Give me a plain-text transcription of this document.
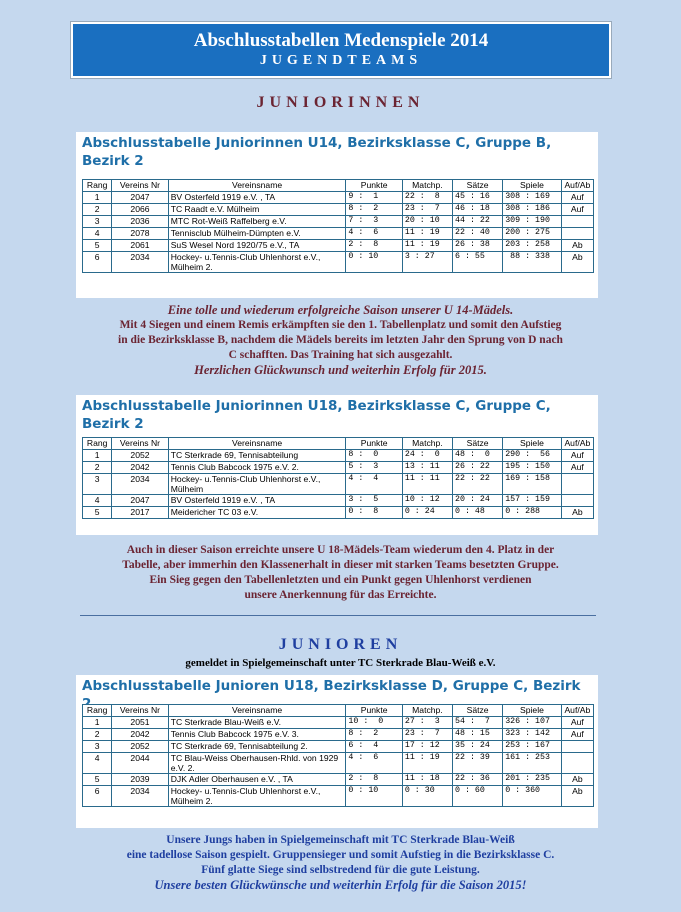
Abschlusstabellen Medenspiele 2014
JUGENDTEAMS
JUNIORINNEN
Abschlusstabelle Juniorinnen U14, Bezirksklasse C, Gruppe B, Bezirk 2
Rang	Vereins Nr	Vereinsname	Punkte	Matchp.	Sätze	Spiele	Auf/Ab
1	2047	BV Osterfeld 1919 e.V. , TA	9 :  1	22 :  8	45 : 16	308 : 169	Auf
2	2066	TC Raadt e.V. Mülheim	8 :  2	23 :  7	46 : 18	308 : 186	Auf
3	2036	MTC Rot-Weiß Raffelberg e.V.	7 :  3	20 : 10	44 : 22	309 : 190	
4	2078	Tennisclub Mülheim-Dümpten e.V.	4 :  6	11 : 19	22 : 40	200 : 275	
5	2061	SuS Wesel Nord 1920/75 e.V., TA	2 :  8	11 : 19	26 : 38	203 : 258	Ab
6	2034	Hockey- u.Tennis-Club Uhlenhorst e.V., Mülheim 2.	0 : 10	3 : 27	6 : 55	88 : 338	Ab
Eine tolle und wiederum erfolgreiche Saison unserer U 14-Mädels.
Mit 4 Siegen und einem Remis erkämpften sie den 1. Tabellenplatz und somit den Aufstieg
in die Bezirksklasse B, nachdem die Mädels bereits im letzten Jahr den Sprung von D nach
C schafften. Das Training hat sich ausgezahlt.
Herzlichen Glückwunsch und weiterhin Erfolg für 2015.
Abschlusstabelle Juniorinnen U18, Bezirksklasse C, Gruppe C, Bezirk 2
Rang	Vereins Nr	Vereinsname	Punkte	Matchp.	Sätze	Spiele	Auf/Ab
1	2052	TC Sterkrade 69, Tennisabteilung	8 :  0	24 :  0	48 :  0	290 :  56	Auf
2	2042	Tennis Club Babcock 1975 e.V. 2.	5 :  3	13 : 11	26 : 22	195 : 150	Auf
3	2034	Hockey- u.Tennis-Club Uhlenhorst e.V., Mülheim	4 :  4	11 : 11	22 : 22	169 : 158	
4	2047	BV Osterfeld 1919 e.V. , TA	3 :  5	10 : 12	20 : 24	157 : 159	
5	2017	Meidericher TC 03 e.V.	0 :  8	0 : 24	0 : 48	0 : 288	Ab
Auch in dieser Saison erreichte unsere U 18-Mädels-Team wiederum den 4. Platz in der
Tabelle, aber immerhin den Klassenerhalt in dieser mit starken Teams besetzten Gruppe.
Ein Sieg gegen den Tabellenletzten und ein Punkt gegen Uhlenhorst verdienen
unsere Anerkennung für das Erreichte.
JUNIOREN
gemeldet in Spielgemeinschaft unter TC Sterkrade Blau-Weiß e.V.
Abschlusstabelle Junioren U18, Bezirksklasse D, Gruppe C, Bezirk
Rang	Vereins Nr	Vereinsname	Punkte	Matchp.	Sätze	Spiele	Auf/Ab
1	2051	TC Sterkrade Blau-Weiß e.V.	10 :  0	27 :  3	54 :  7	326 : 107	Auf
2	2042	Tennis Club Babcock 1975 e.V. 3.	8 :  2	23 :  7	48 : 15	323 : 142	Auf
3	2052	TC Sterkrade 69, Tennisabteilung 2.	6 :  4	17 : 12	35 : 24	253 : 167	
4	2044	TC Blau-Weiss Oberhausen-Rhld. von 1929 e.V. 2.	4 :  6	11 : 19	22 : 39	161 : 253	
5	2039	DJK Adler Oberhausen e.V. , TA	2 :  8	11 : 18	22 : 36	201 : 235	Ab
6	2034	Hockey- u.Tennis-Club Uhlenhorst e.V., Mülheim 2.	0 : 10	0 : 30	0 : 60	0 : 360	Ab
Unsere Jungs haben in Spielgemeinschaft mit TC Sterkrade Blau-Weiß
eine tadellose Saison gespielt. Gruppensieger und somit Aufstieg in die Bezirksklasse C.
Fünf glatte Siege sind selbstredend für die gute Leistung.
Unsere besten Glückwünsche und weiterhin Erfolg für die Saison 2015!
